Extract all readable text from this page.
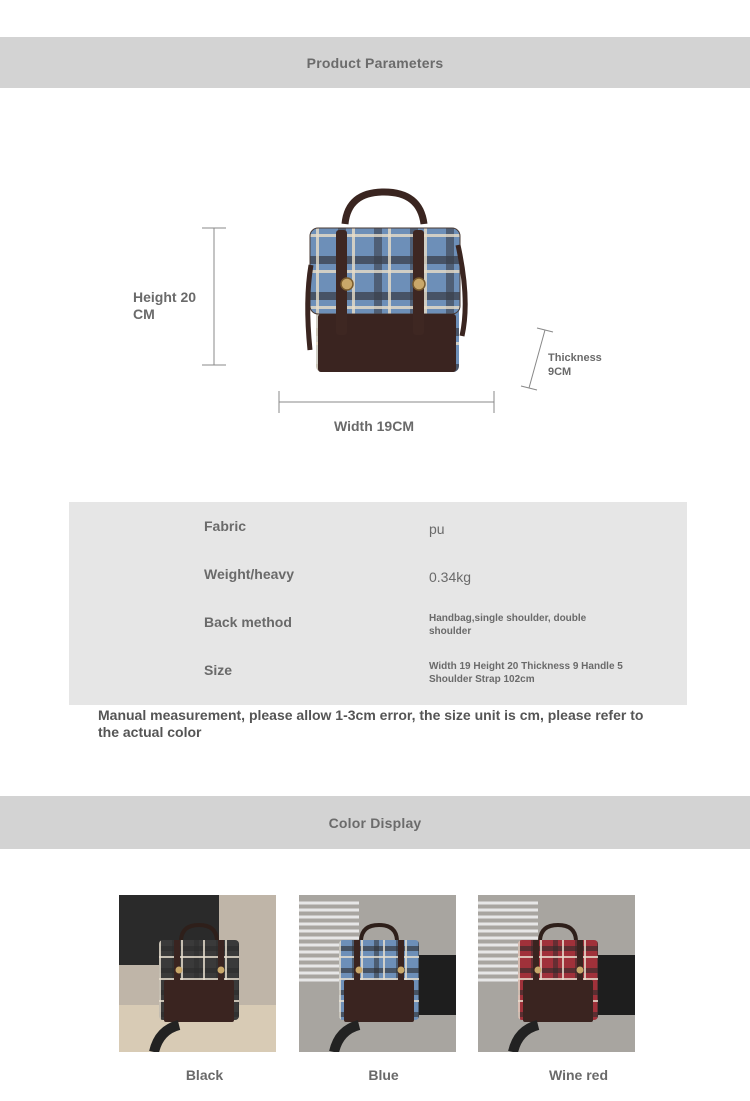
Product Parameters
Height 20 CM
Width 19CM
Thickness 9CM
Fabric	pu
Weight/heavy	0.34kg
Back method	Handbag,single shoulder, double shoulder
Size	Width 19 Height 20 Thickness 9 Handle 5 Shoulder Strap 102cm
Manual measurement, please allow 1-3cm error, the size unit is cm, please refer to the actual color
Color Display
Black	Blue	Wine red
